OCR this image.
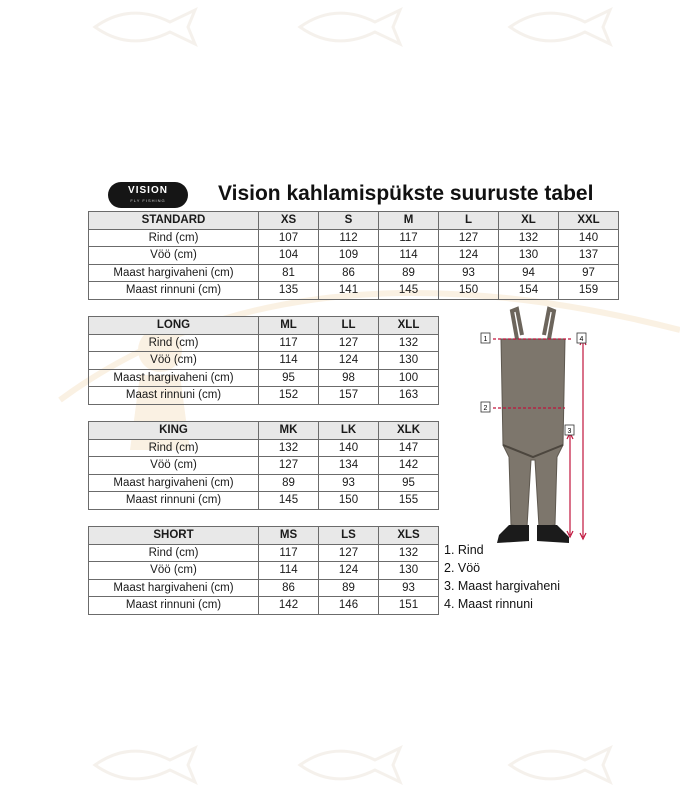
VISION
FLY FISHING	Vision kahlamispükste suuruste tabel
STANDARD	XS	S	M	L	XL	XXL
Rind (cm)	107	112	117	127	132	140
Vöö (cm)	104	109	114	124	130	137
Maast hargivaheni (cm)	81	86	89	93	94	97
Maast rinnuni (cm)	135	141	145	150	154	159
LONG	ML	LL	XLL
Rind (cm)	117	127	132
Vöö (cm)	114	124	130
Maast hargivaheni (cm)	95	98	100
Maast rinnuni (cm)	152	157	163
KING	MK	LK	XLK
Rind (cm)	132	140	147
Vöö (cm)	127	134	142
Maast hargivaheni (cm)	89	93	95
Maast rinnuni (cm)	145	150	155
SHORT	MS	LS	XLS
Rind (cm)	117	127	132
Vöö (cm)	114	124	130
Maast hargivaheni (cm)	86	89	93
Maast rinnuni (cm)	142	146	151
1
2
3
4
1. Rind
2. Vöö
3. Maast hargivaheni
4. Maast rinnuni
